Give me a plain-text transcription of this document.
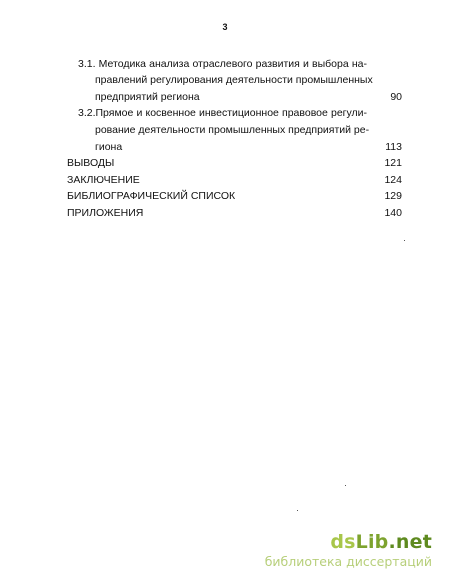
3
3.1. Методика анализа отраслевого развития и выбора на-
правлений регулирования деятельности промышленных
предприятий региона	90
3.2.Прямое и косвенное инвестиционное правовое регули-
рование деятельности промышленных предприятий ре-
гиона	113
ВЫВОДЫ	121
ЗАКЛЮЧЕНИЕ	124
БИБЛИОГРАФИЧЕСКИЙ СПИСОК	129
ПРИЛОЖЕНИЯ	140
dsLib.net
библиотека диссертаций
